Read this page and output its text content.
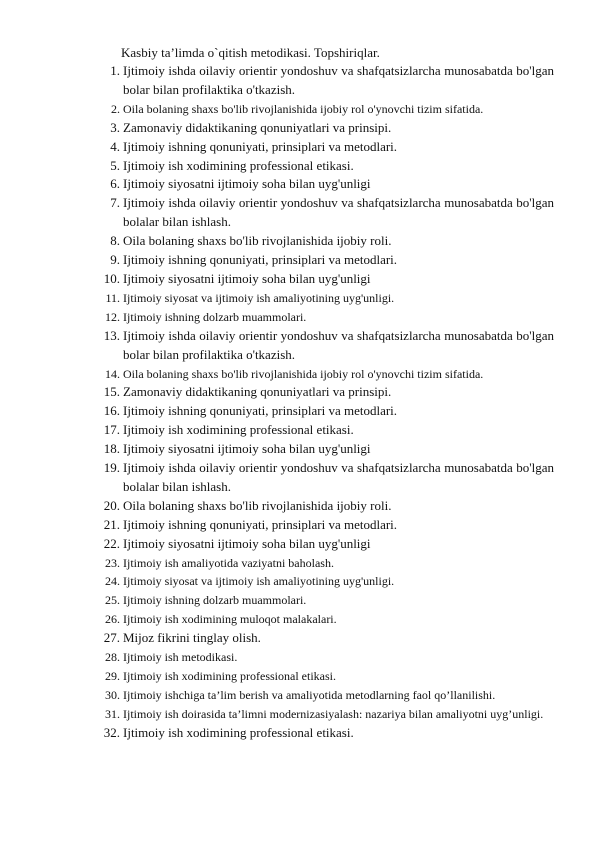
Kasbiy ta’limda o`qitish metodikasi. Topshiriqlar.
1. Ijtimoiy ishda oilaviy orientir yondoshuv va shafqatsizlarcha munosabatda bo'lgan bolar bilan profilaktika o'tkazish.
2. Oila bolaning shaxs bo'lib rivojlanishida ijobiy rol o'ynovchi tizim sifatida.
3. Zamonaviy didaktikaning qonuniyatlari va prinsipi.
4. Ijtimoiy ishning qonuniyati, prinsiplari va metodlari.
5. Ijtimoiy ish xodimining professional etikasi.
6. Ijtimoiy siyosatni ijtimoiy soha bilan uyg'unligi
7. Ijtimoiy ishda oilaviy orientir yondoshuv va shafqatsizlarcha munosabatda bo'lgan bolalar bilan ishlash.
8. Oila bolaning shaxs bo'lib rivojlanishida ijobiy roli.
9. Ijtimoiy ishning qonuniyati, prinsiplari va metodlari.
10. Ijtimoiy siyosatni ijtimoiy soha bilan uyg'unligi
11. Ijtimoiy siyosat va ijtimoiy ish amaliyotining uyg'unligi.
12. Ijtimoiy ishning dolzarb muammolari.
13. Ijtimoiy ishda oilaviy orientir yondoshuv va shafqatsizlarcha munosabatda bo'lgan bolar bilan profilaktika o'tkazish.
14. Oila bolaning shaxs bo'lib rivojlanishida ijobiy rol o'ynovchi tizim sifatida.
15. Zamonaviy didaktikaning qonuniyatlari va prinsipi.
16. Ijtimoiy ishning qonuniyati, prinsiplari va metodlari.
17. Ijtimoiy ish xodimining professional etikasi.
18. Ijtimoiy siyosatni ijtimoiy soha bilan uyg'unligi
19. Ijtimoiy ishda oilaviy orientir yondoshuv va shafqatsizlarcha munosabatda bo'lgan bolalar bilan ishlash.
20. Oila bolaning shaxs bo'lib rivojlanishida ijobiy roli.
21. Ijtimoiy ishning qonuniyati, prinsiplari va metodlari.
22. Ijtimoiy siyosatni ijtimoiy soha bilan uyg'unligi
23. Ijtimoiy ish amaliyotida vaziyatni baholash.
24. Ijtimoiy siyosat va ijtimoiy ish amaliyotining uyg'unligi.
25. Ijtimoiy ishning dolzarb muammolari.
26. Ijtimoiy ish xodimining muloqot malakalari.
27. Mijoz fikrini tinglay olish.
28. Ijtimoiy ish metodikasi.
29. Ijtimoiy ish xodimining professional etikasi.
30. Ijtimoiy ishchiga ta’lim berish va amaliyotida metodlarning faol qo’llanilishi.
31. Ijtimoiy ish doirasida ta’limni modernizasiyalash: nazariya bilan amaliyotni uyg’unligi.
32. Ijtimoiy ish xodimining professional etikasi.
